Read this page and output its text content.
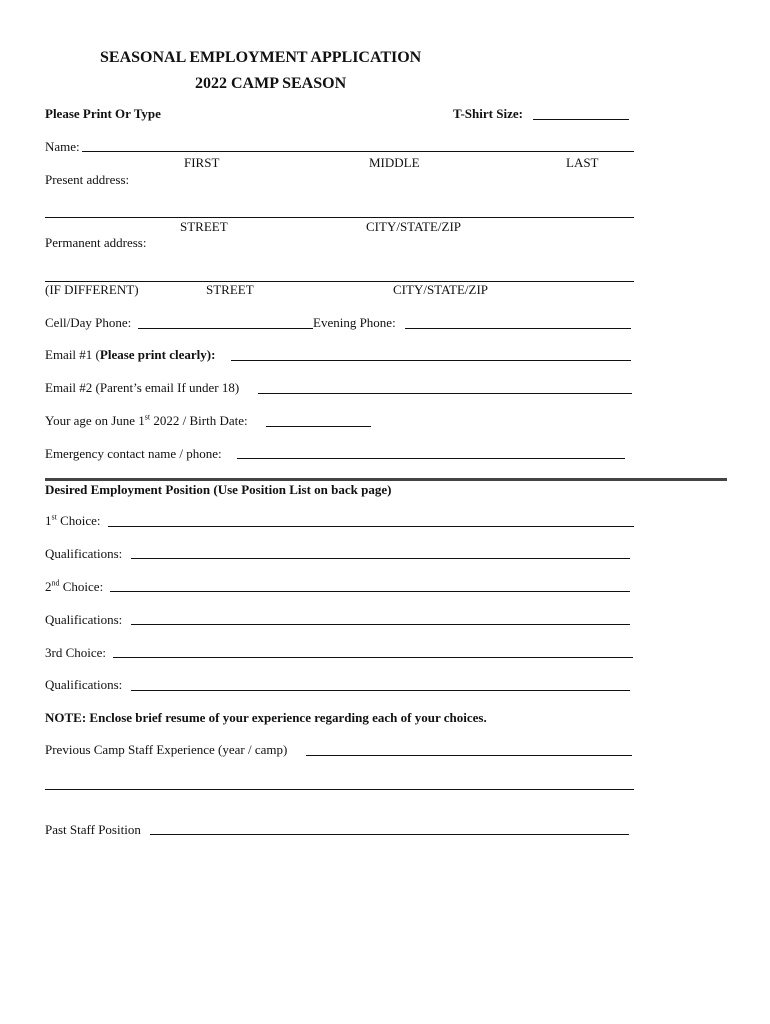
SEASONAL EMPLOYMENT APPLICATION
2022 CAMP SEASON
Please Print Or Type	T-Shirt Size:
Name:
FIRST	MIDDLE	LAST
Present address:
STREET	CITY/STATE/ZIP
Permanent address:
(IF DIFFERENT)	STREET	CITY/STATE/ZIP
Cell/Day Phone:	Evening Phone:
Email #1 (Please print clearly):
Email #2 (Parent’s email If under 18)
Your age on June 1st 2022 / Birth Date:
Emergency contact name / phone:
Desired Employment Position (Use Position List on back page)
1st Choice:
Qualifications:
2nd Choice:
Qualifications:
3rd Choice:
Qualifications:
NOTE: Enclose brief resume of your experience regarding each of your choices.
Previous Camp Staff Experience (year / camp)
Past Staff Position
